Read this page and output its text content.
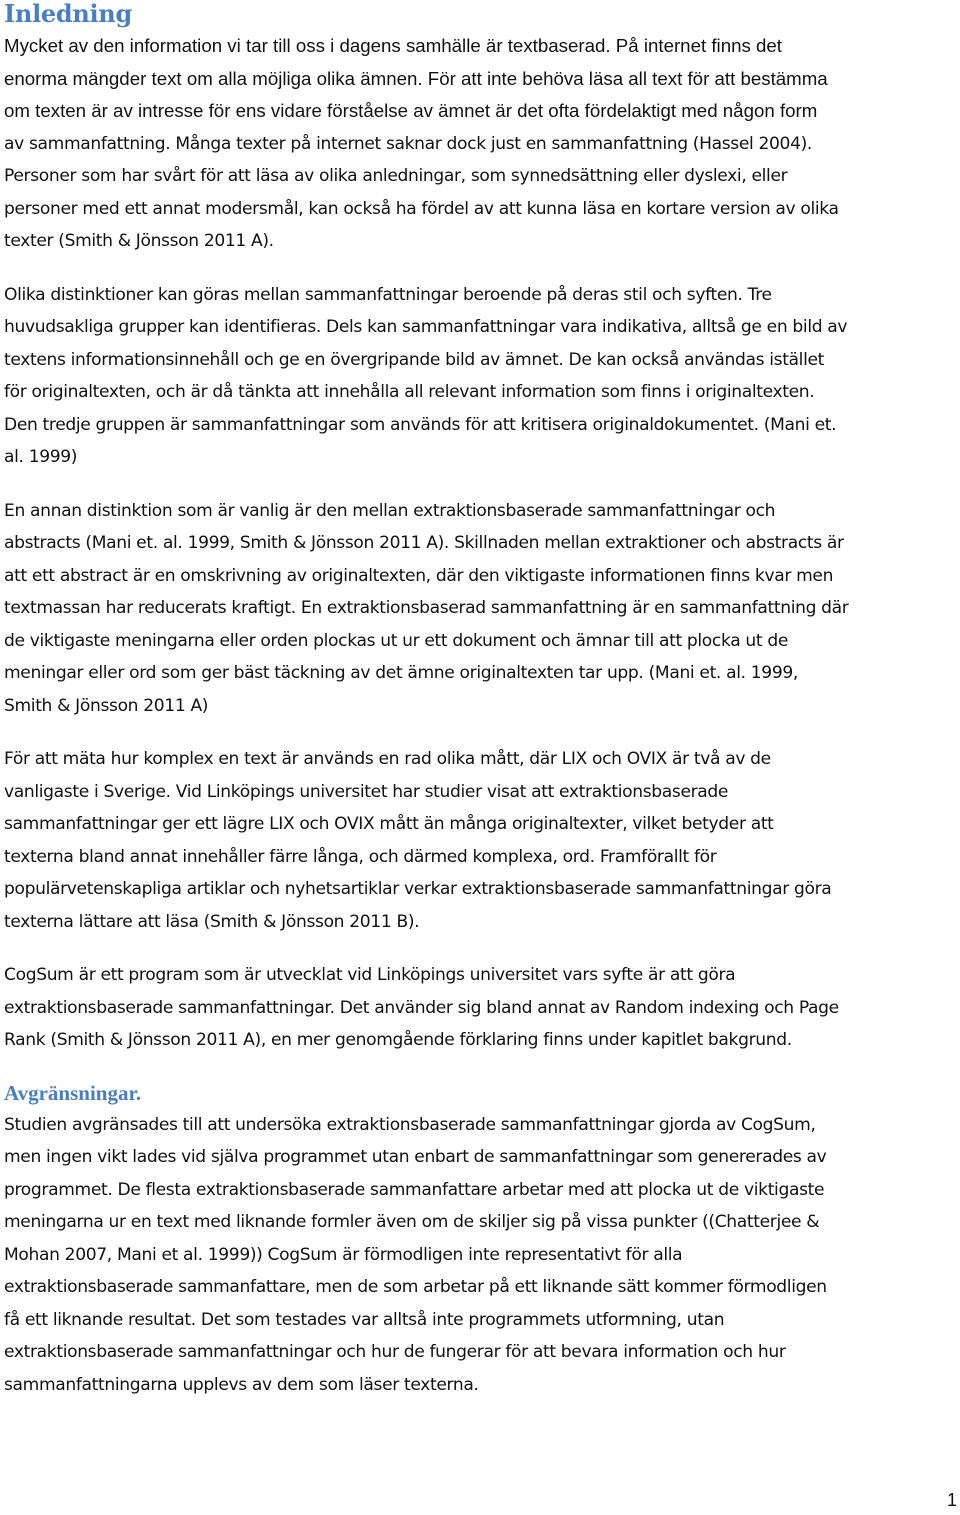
Inledning
Mycket av den information vi tar till oss i dagens samhälle är textbaserad. På internet finns det
enorma mängder text om alla möjliga olika ämnen. För att inte behöva läsa all text för att bestämma
om texten är av intresse för ens vidare förståelse av ämnet är det ofta fördelaktigt med någon form
av sammanfattning. Många texter på internet saknar dock just en sammanfattning (Hassel 2004).
Personer som har svårt för att läsa av olika anledningar, som synnedsättning eller dyslexi, eller
personer med ett annat modersmål, kan också ha fördel av att kunna läsa en kortare version av olika
texter (Smith & Jönsson 2011 A).
Olika distinktioner kan göras mellan sammanfattningar beroende på deras stil och syften. Tre
huvudsakliga grupper kan identifieras. Dels kan sammanfattningar vara indikativa, alltså ge en bild av
textens informationsinnehåll och ge en övergripande bild av ämnet. De kan också användas istället
för originaltexten, och är då tänkta att innehålla all relevant information som finns i originaltexten.
Den tredje gruppen är sammanfattningar som används för att kritisera originaldokumentet. (Mani et.
al. 1999)
En annan distinktion som är vanlig är den mellan extraktionsbaserade sammanfattningar och
abstracts (Mani et. al. 1999, Smith & Jönsson 2011 A). Skillnaden mellan extraktioner och abstracts är
att ett abstract är en omskrivning av originaltexten, där den viktigaste informationen finns kvar men
textmassan har reducerats kraftigt. En extraktionsbaserad sammanfattning är en sammanfattning där
de viktigaste meningarna eller orden plockas ut ur ett dokument och ämnar till att plocka ut de
meningar eller ord som ger bäst täckning av det ämne originaltexten tar upp. (Mani et. al. 1999,
Smith & Jönsson 2011 A)
För att mäta hur komplex en text är används en rad olika mått, där LIX och OVIX är två av de
vanligaste i Sverige. Vid Linköpings universitet har studier visat att extraktionsbaserade
sammanfattningar ger ett lägre LIX och OVIX mått än många originaltexter, vilket betyder att
texterna bland annat innehåller färre långa, och därmed komplexa, ord. Framförallt för
populärvetenskapliga artiklar och nyhetsartiklar verkar extraktionsbaserade sammanfattningar göra
texterna lättare att läsa (Smith & Jönsson 2011 B).
CogSum är ett program som är utvecklat vid Linköpings universitet vars syfte är att göra
extraktionsbaserade sammanfattningar. Det använder sig bland annat av Random indexing och Page
Rank (Smith & Jönsson 2011 A), en mer genomgående förklaring finns under kapitlet bakgrund.
Avgränsningar.
Studien avgränsades till att undersöka extraktionsbaserade sammanfattningar gjorda av CogSum,
men ingen vikt lades vid själva programmet utan enbart de sammanfattningar som genererades av
programmet. De flesta extraktionsbaserade sammanfattare arbetar med att plocka ut de viktigaste
meningarna ur en text med liknande formler även om de skiljer sig på vissa punkter ((Chatterjee &
Mohan 2007, Mani et al. 1999)) CogSum är förmodligen inte representativt för alla
extraktionsbaserade sammanfattare, men de som arbetar på ett liknande sätt kommer förmodligen
få ett liknande resultat. Det som testades var alltså inte programmets utformning, utan
extraktionsbaserade sammanfattningar och hur de fungerar för att bevara information och hur
sammanfattningarna upplevs av dem som läser texterna.
1
